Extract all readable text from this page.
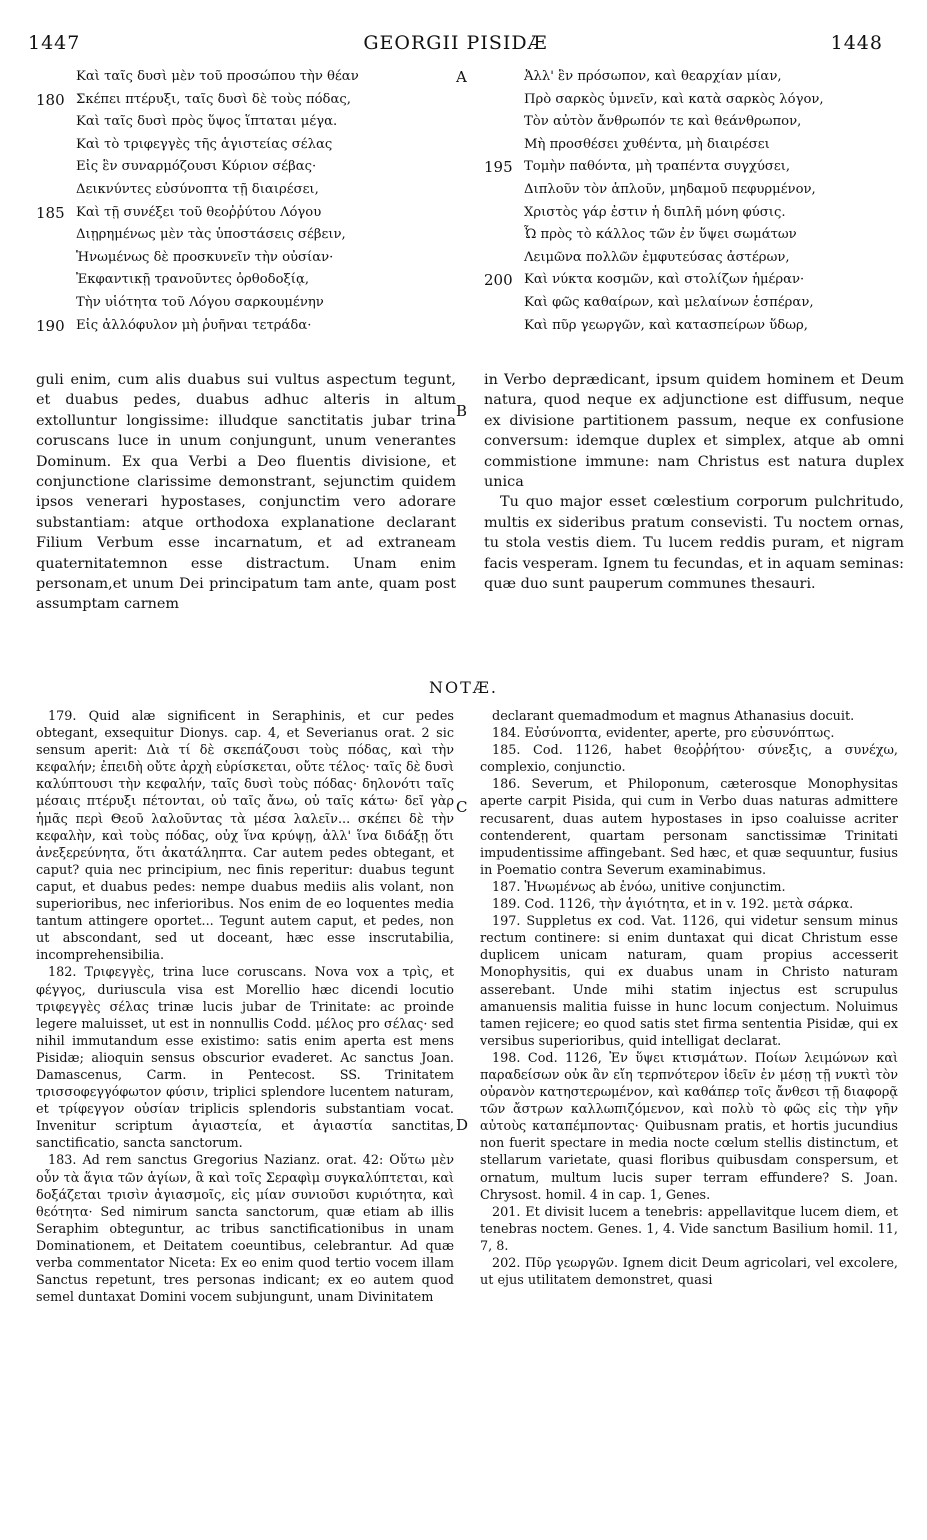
1447	GEORGII PISIDÆ	1448
A
B
C
D
Καὶ ταῖς δυσὶ μὲν τοῦ προσώπου τὴν θέαν
180 Σκέπει πτέρυξι, ταῖς δυσὶ δὲ τοὺς πόδας,
Καὶ ταῖς δυσὶ πρὸς ὕψος ἵπταται μέγα.
Καὶ τὸ τριφεγγὲς τῆς ἁγιστείας σέλας
Εἰς ἓν συναρμόζουσι Κύριον σέβας·
Δεικνύντες εὐσύνοπτα τῇ διαιρέσει,
185 Καὶ τῇ συνέξει τοῦ θεοῤῥύτου Λόγου
Διῃρημένως μὲν τὰς ὑποστάσεις σέβειν,
Ἡνωμένως δὲ προσκυνεῖν τὴν οὐσίαν·
Ἐκφαντικῇ τρανοῦντες ὀρθοδοξίᾳ,
Τὴν υἱότητα τοῦ Λόγου σαρκουμένην
190 Εἰς ἀλλόφυλον μὴ ῥυῆναι τετράδα·
Ἀλλ' ἓν πρόσωπον, καὶ θεαρχίαν μίαν,
Πρὸ σαρκὸς ὑμνεῖν, καὶ κατὰ σαρκὸς λόγον,
Τὸν αὐτὸν ἄνθρωπόν τε καὶ θεάνθρωπον,
Μὴ προσθέσει χυθέντα, μὴ διαιρέσει
195 Τομὴν παθόντα, μὴ τραπέντα συγχύσει,
Διπλοῦν τὸν ἁπλοῦν, μηδαμοῦ πεφυρμένον,
Χριστὸς γάρ ἐστιν ἡ διπλῆ μόνη φύσις.
Ὦ πρὸς τὸ κάλλος τῶν ἐν ὕψει σωμάτων
Λειμῶνα πολλῶν ἐμφυτεύσας ἀστέρων,
200 Καὶ νύκτα κοσμῶν, καὶ στολίζων ἡμέραν·
Καὶ φῶς καθαίρων, καὶ μελαίνων ἑσπέραν,
Καὶ πῦρ γεωργῶν, καὶ κατασπείρων ὕδωρ,

guli enim, cum alis duabus sui vultus aspectum tegunt, et duabus pedes, duabus adhuc alteris in altum extolluntur longissime: illudque sanctitatis jubar trina coruscans luce in unum conjungunt, unum venerantes Dominum. Ex qua Verbi a Deo fluentis divisione, et conjunctione clarissime demonstrant, sejunctim quidem ipsos venerari hypostases, conjunctim vero adorare substantiam: atque orthodoxa explanatione declarant Filium Verbum esse incarnatum, et ad extraneam quaternitatemnon esse distractum. Unam enim personam,et unum Dei principatum tam ante, quam post assumptam carnem

in Verbo deprædicant, ipsum quidem hominem et Deum natura, quod neque ex adjunctione est diffusum, neque ex divisione partitionem passum, neque ex confusione conversum: idemque duplex et simplex, atque ab omni commistione immune: nam Christus est natura duplex unica

Tu quo major esset cœlestium corporum pulchritudo, multis ex sideribus pratum consevisti. Tu noctem ornas, tu stola vestis diem. Tu lucem reddis puram, et nigram facis vesperam. Ignem tu fecundas, et in aquam seminas: quæ duo sunt pauperum communes thesauri.

NOTÆ.

179. Quid alæ significent in Seraphinis, et cur pedes obtegant, exsequitur Dionys. cap. 4, et Severianus orat. 2 sic sensum aperit: Διὰ τί δὲ σκεπάζουσι τοὺς πόδας, καὶ τὴν κεφαλήν; ἐπειδὴ οὔτε ἀρχὴ εὑρίσκεται, οὔτε τέλος· ταῖς δὲ δυσὶ καλύπτουσι τὴν κεφαλήν, ταῖς δυσὶ τοὺς πόδας· δηλονότι ταῖς μέσαις πτέρυξι πέτονται, οὐ ταῖς ἄνω, οὐ ταῖς κάτω· δεῖ γὰρ ἡμᾶς περὶ Θεοῦ λαλοῦντας τὰ μέσα λαλεῖν... σκέπει δὲ τὴν κεφαλὴν, καὶ τοὺς πόδας, οὐχ ἵνα κρύψῃ, ἀλλ' ἵνα διδάξῃ ὅτι ἀνεξερεύνητα, ὅτι ἀκατάληπτα. Car autem pedes obtegant, et caput? quia nec principium, nec finis reperitur: duabus tegunt caput, et duabus pedes: nempe duabus mediis alis volant, non superioribus, nec inferioribus. Nos enim de eo loquentes media tantum attingere oportet... Tegunt autem caput, et pedes, non ut abscondant, sed ut doceant, hæc esse inscrutabilia, incomprehensibilia.

182. Τριφεγγὲς, trina luce coruscans. Nova vox a τρὶς, et φέγγος, duriuscula visa est Morellio hæc dicendi locutio τριφεγγὲς σέλας trinæ lucis jubar de Trinitate: ac proinde legere maluisset, ut est in nonnullis Codd. μέλος pro σέλας· sed nihil immutandum esse existimo: satis enim aperta est mens Pisidæ; alioquin sensus obscurior evaderet. Ac sanctus Joan. Damascenus, Carm. in Pentecost. SS. Trinitatem τρισσοφεγγόφωτον φύσιν, triplici splendore lucentem naturam, et τρίφεγγον οὐσίαν triplicis splendoris substantiam vocat. Invenitur scriptum ἁγιαστεία, et ἁγιαστία sanctitas, sanctificatio, sancta sanctorum.

183. Ad rem sanctus Gregorius Nazianz. orat. 42: Οὕτω μὲν οὖν τὰ ἅγια τῶν ἁγίων, ἃ καὶ τοῖς Σεραφὶμ συγκαλύπτεται, καὶ δοξάζεται τρισὶν ἁγιασμοῖς, εἰς μίαν συνιοῦσι κυριότητα, καὶ θεότητα· Sed nimirum sancta sanctorum, quæ etiam ab illis Seraphim obteguntur, ac tribus sanctificationibus in unam Dominationem, et Deitatem coeuntibus, celebrantur. Ad quæ verba commentator Niceta: Ex eo enim quod tertio vocem illam Sanctus repetunt, tres personas indicant; ex eo autem quod semel duntaxat Domini vocem subjungunt, unam Divinitatem

declarant quemadmodum et magnus Athanasius docuit.

184. Εὐσύνοπτα, evidenter, aperte, pro εὐσυνόπτως.

185. Cod. 1126, habet θεοῤῥήτου· σύνεξις, a συνέχω, complexio, conjunctio.

186. Severum, et Philoponum, cæterosque Monophysitas aperte carpit Pisida, qui cum in Verbo duas naturas admittere recusarent, duas autem hypostases in ipso coaluisse acriter contenderent, quartam personam sanctissimæ Trinitati impudentissime affingebant. Sed hæc, et quæ sequuntur, fusius in Poematio contra Severum examinabimus.

187. Ἡνωμένως ab ἑνόω, unitive conjunctim.

189. Cod. 1126, τὴν ἁγιότητα, et in v. 192. μετὰ σάρκα.

197. Suppletus ex cod. Vat. 1126, qui videtur sensum minus rectum continere: si enim duntaxat qui dicat Christum esse duplicem unicam naturam, quam propius accesserit Monophysitis, qui ex duabus unam in Christo naturam asserebant. Unde mihi statim injectus est scrupulus amanuensis malitia fuisse in hunc locum conjectum. Noluimus tamen rejicere; eo quod satis stet firma sententia Pisidæ, qui ex versibus superioribus, quid intelligat declarat.

198. Cod. 1126, Ἐν ὕψει κτισμάτων. Ποίων λειμώνων καὶ παραδείσων οὐκ ἂν εἴη τερπνότερον ἰδεῖν ἐν μέσῃ τῇ νυκτὶ τὸν οὐρανὸν κατηστερωμένον, καὶ καθάπερ τοῖς ἄνθεσι τῇ διαφορᾷ τῶν ἄστρων καλλωπιζόμενον, καὶ πολὺ τὸ φῶς εἰς τὴν γῆν αὐτοὺς καταπέμποντας· Quibusnam pratis, et hortis jucundius non fuerit spectare in media nocte cœlum stellis distinctum, et stellarum varietate, quasi floribus quibusdam conspersum, et ornatum, multum lucis super terram effundere? S. Joan. Chrysost. homil. 4 in cap. 1, Genes.

201. Et divisit lucem a tenebris: appellavitque lucem diem, et tenebras noctem. Genes. 1, 4. Vide sanctum Basilium homil. 11, 7, 8.

202. Πῦρ γεωργῶν. Ignem dicit Deum agricolari, vel excolere, ut ejus utilitatem demonstret, quasi
